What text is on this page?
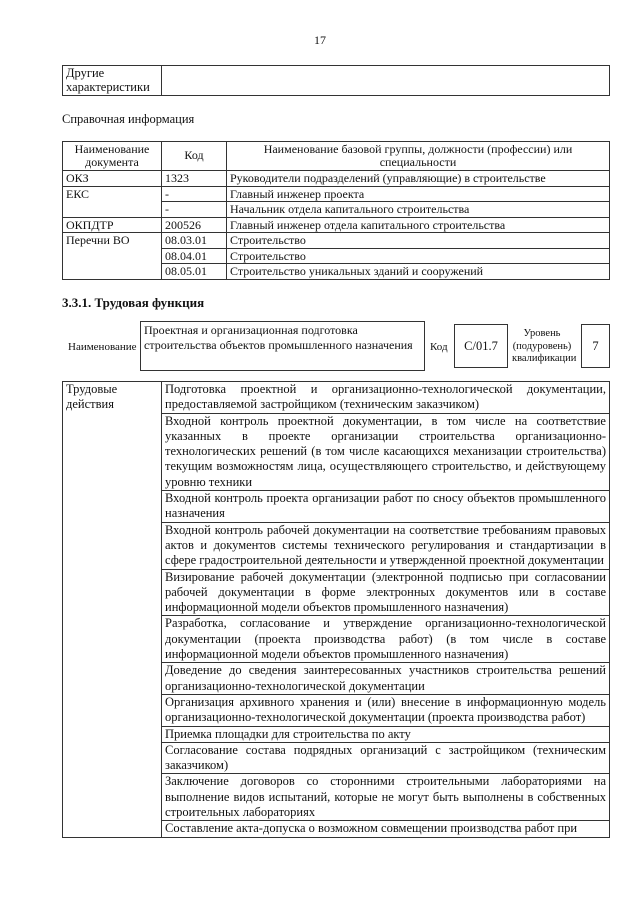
17
Другие характеристики	
Справочная информация
Наименование документа	Код	Наименование базовой группы, должности (профессии) или специальности
ОКЗ	1323	Руководители подразделений (управляющие) в строительстве
ЕКС	-	Главный инженер проекта
	-	Начальник отдела капитального строительства
ОКПДТР	200526	Главный инженер отдела капитального строительства
Перечни ВО	08.03.01	Строительство
	08.04.01	Строительство
	08.05.01	Строительство уникальных зданий и сооружений
3.3.1. Трудовая функция
Наименование
Проектная и организационная подготовка строительства объектов промышленного назначения	Код	C/01.7
Уровень (подуровень) квалификации
7
Трудовые действия	Подготовка проектной и организационно-технологической документации, предоставляемой застройщиком (техническим заказчиком)
Входной контроль проектной документации, в том числе на соответствие указанных в проекте организации строительства организационно-технологических решений (в том числе касающихся механизации строительства) текущим возможностям лица, осуществляющего строительство, и действующему уровню техники
Входной контроль проекта организации работ по сносу объектов промышленного назначения
Входной контроль рабочей документации на соответствие требованиям правовых актов и документов системы технического регулирования и стандартизации в сфере градостроительной деятельности и утвержденной проектной документации
Визирование рабочей документации (электронной подписью при согласовании рабочей документации в форме электронных документов или в составе информационной модели объектов промышленного назначения)
Разработка, согласование и утверждение организационно-технологической документации (проекта производства работ) (в том числе в составе информационной модели объектов промышленного назначения)
Доведение до сведения заинтересованных участников строительства решений организационно-технологической документации
Организация архивного хранения и (или) внесение в информационную модель организационно-технологической документации (проекта производства работ)
Приемка площадки для строительства по акту
Согласование состава подрядных организаций с застройщиком (техническим заказчиком)
Заключение договоров со сторонними строительными лабораториями на выполнение видов испытаний, которые не могут быть выполнены в собственных строительных лабораториях
Составление акта-допуска о возможном совмещении производства работ при
